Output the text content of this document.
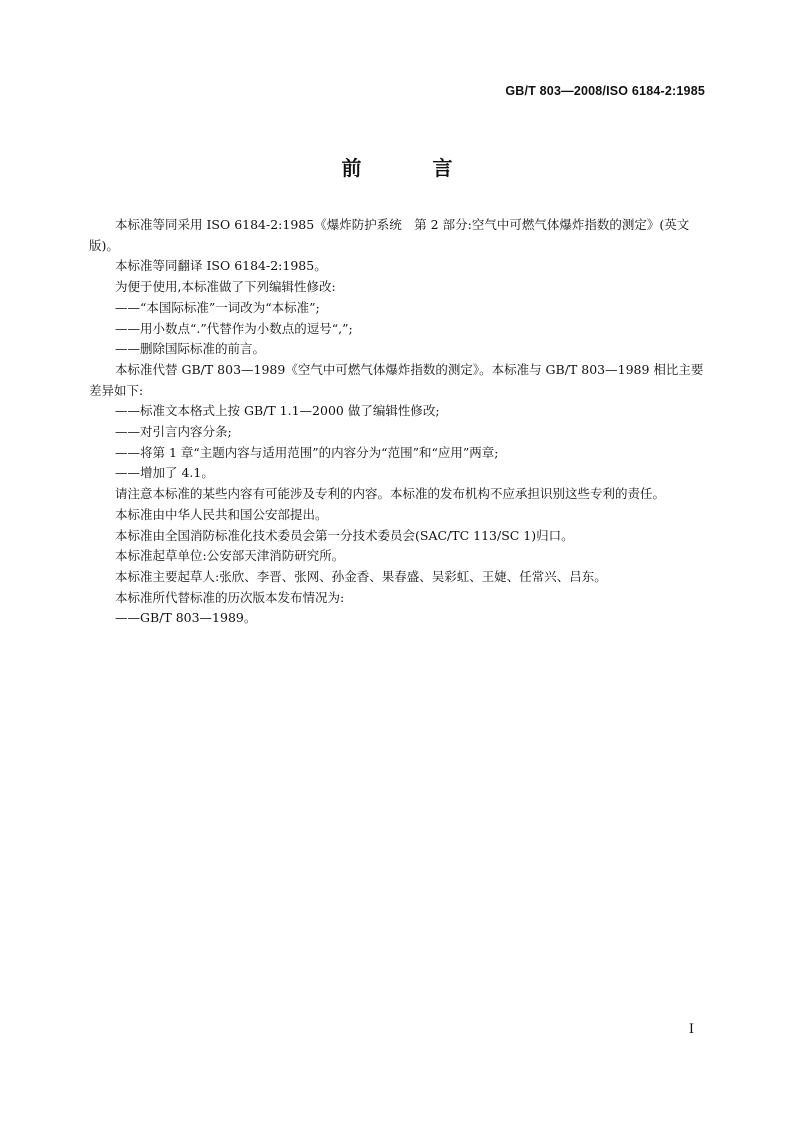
GB/T 803—2008/ISO 6184-2:1985
前 言

本标准等同采用 ISO 6184-2:1985《爆炸防护系统　第 2 部分:空气中可燃气体爆炸指数的测定》(英文版)。

本标准等同翻译 ISO 6184-2:1985。

为便于使用,本标准做了下列编辑性修改:

——“本国际标准”一词改为“本标准”;

——用小数点“.”代替作为小数点的逗号“,”;

——删除国际标准的前言。

本标准代替 GB/T 803—1989《空气中可燃气体爆炸指数的测定》。本标准与 GB/T 803—1989 相比主要差异如下:

——标准文本格式上按 GB/T 1.1—2000 做了编辑性修改;

——对引言内容分条;

——将第 1 章“主题内容与适用范围”的内容分为“范围”和“应用”两章;

——增加了 4.1。

请注意本标准的某些内容有可能涉及专利的内容。本标准的发布机构不应承担识别这些专利的责任。

本标准由中华人民共和国公安部提出。

本标准由全国消防标准化技术委员会第一分技术委员会(SAC/TC 113/SC 1)归口。

本标准起草单位:公安部天津消防研究所。

本标准主要起草人:张欣、李晋、张网、孙金香、果春盛、吴彩虹、王婕、任常兴、吕东。

本标准所代替标准的历次版本发布情况为:

——GB/T 803—1989。

I
